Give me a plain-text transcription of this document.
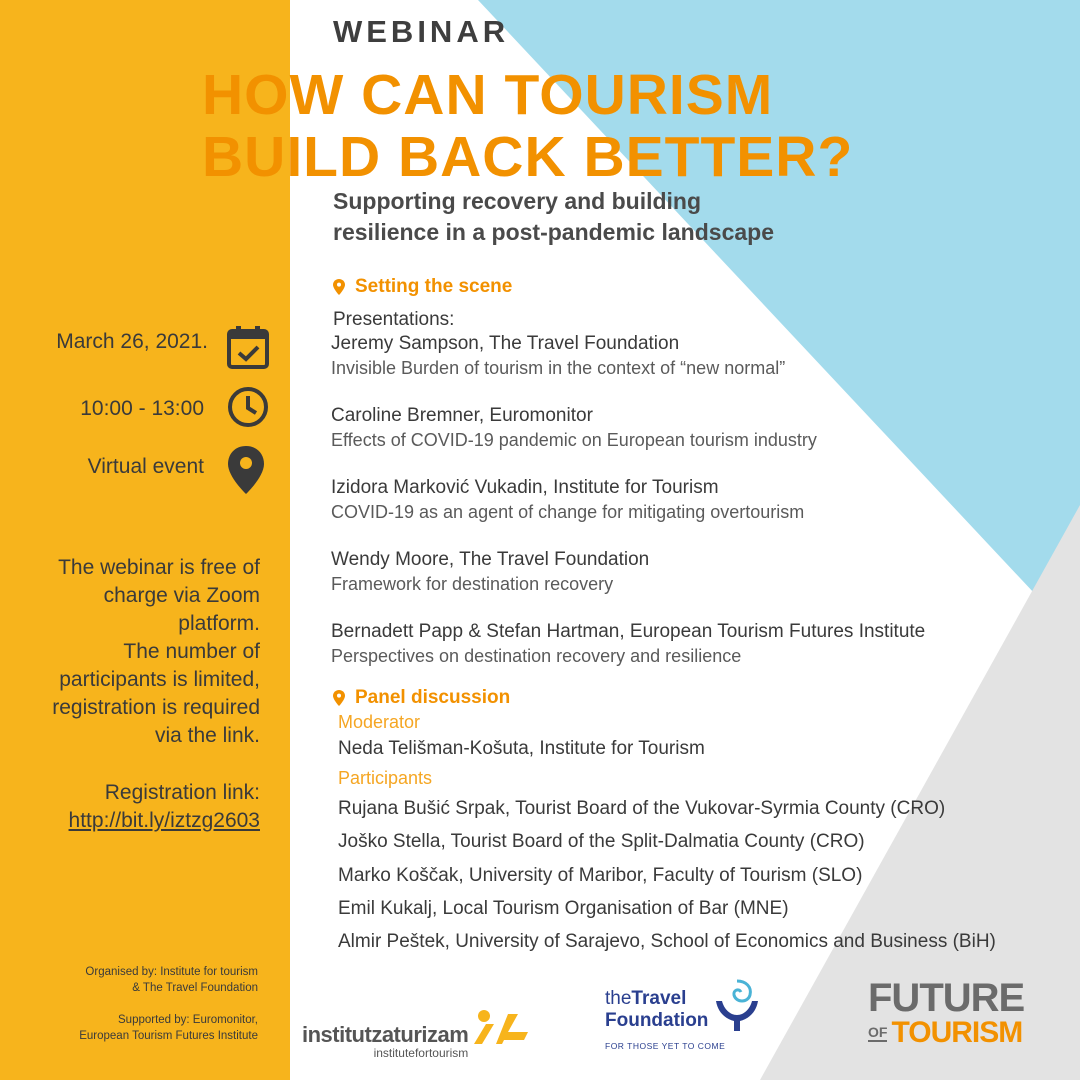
WEBINAR
HOW CAN TOURISM
BUILD BACK BETTER?
Supporting recovery and building
resilience in a post-pandemic landscape
March 26, 2021.
10:00 - 13:00
Virtual event
The webinar is free of
charge via Zoom
platform.
The number of
participants is limited,
registration is required
via the link.
Registration link:
http://bit.ly/iztzg2603
Organised by: Institute for tourism
& The Travel Foundation
Supported by: Euromonitor,
European Tourism Futures Institute
Setting the scene
Presentations:
Jeremy Sampson, The Travel Foundation
Invisible Burden of tourism in the context of “new normal”
Caroline Bremner, Euromonitor
Effects of COVID-19 pandemic on European tourism industry
Izidora Marković Vukadin, Institute for Tourism
COVID-19 as an agent of change for mitigating overtourism
Wendy Moore, The Travel Foundation
Framework for destination recovery
Bernadett Papp & Stefan Hartman, European Tourism Futures Institute
Perspectives on destination recovery and resilience
Panel discussion
Moderator
Neda Telišman-Košuta, Institute for Tourism
Participants
Rujana Bušić Srpak, Tourist Board of the Vukovar-Syrmia County (CRO)
Joško Stella, Tourist Board of the Split-Dalmatia County (CRO)
Marko Koščak, University of Maribor, Faculty of Tourism (SLO)
Emil Kukalj, Local Tourism Organisation of Bar (MNE)
Almir Peštek, University of Sarajevo, School of Economics and Business (BiH)
institutzaturizam
institutefortourism
theTravel
Foundation
FOR THOSE YET TO COME
FUTURE
OF TOURISM
